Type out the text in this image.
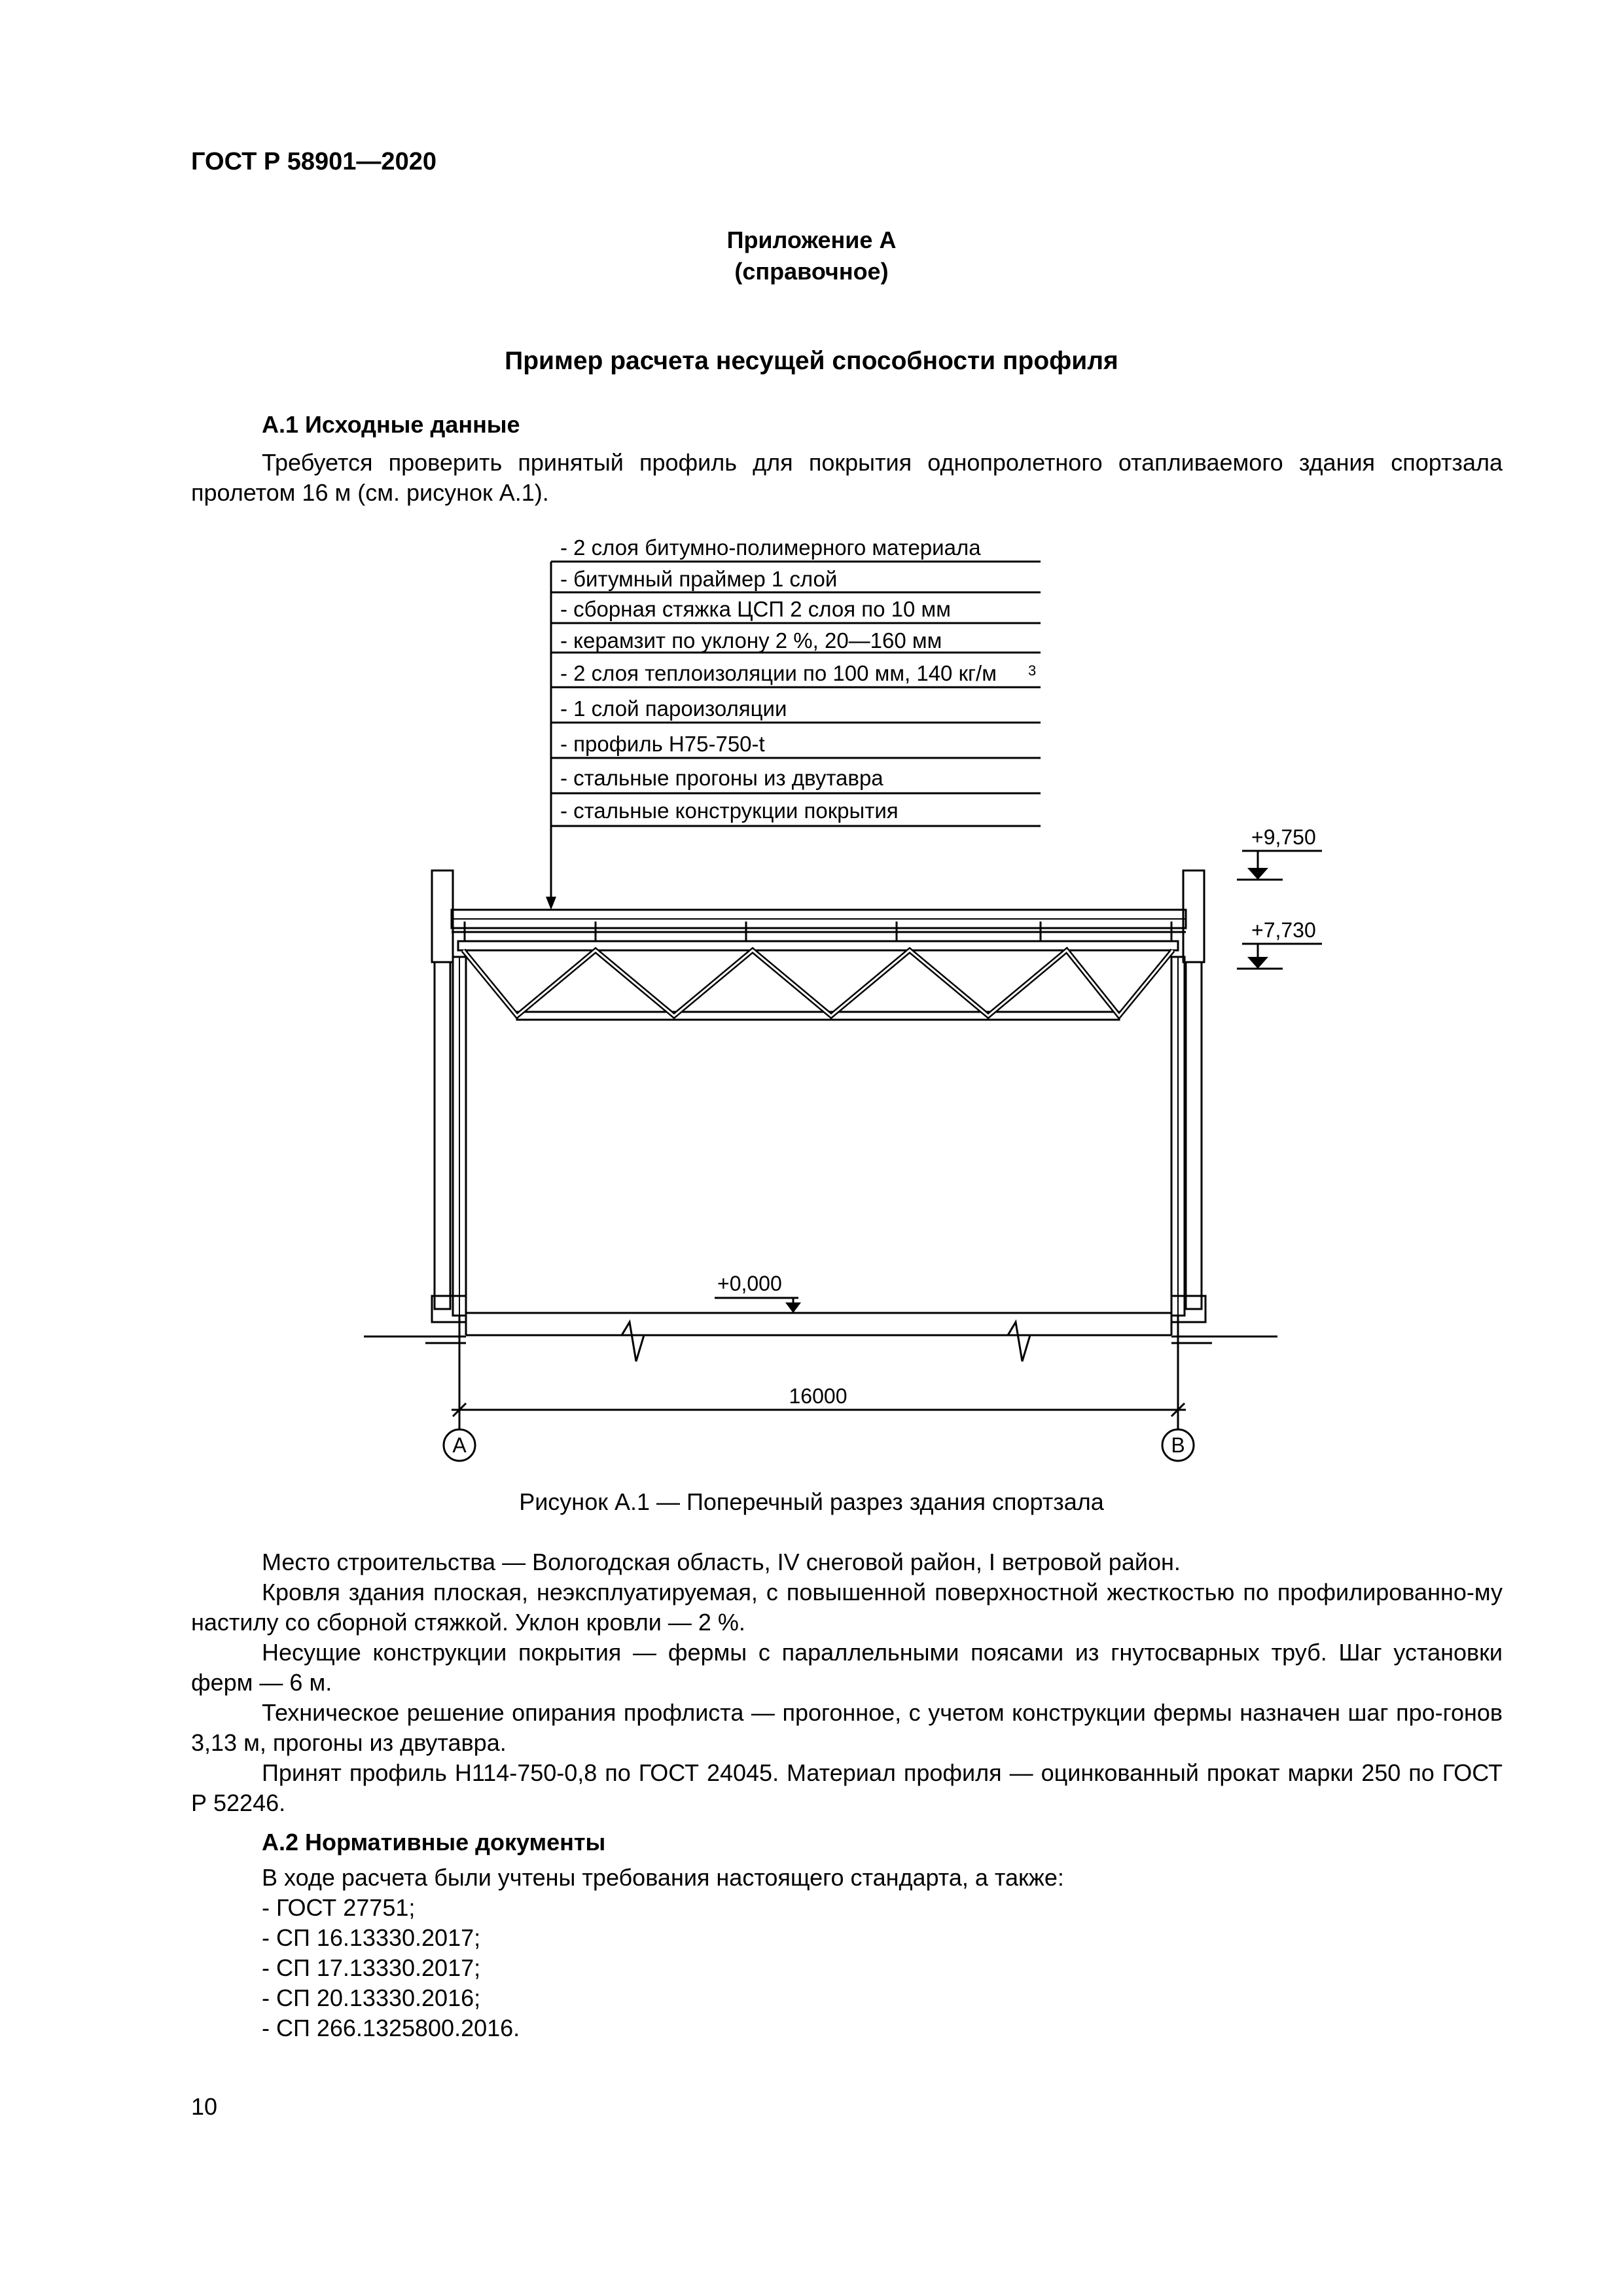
ГОСТ Р 58901—2020
Приложение А
(справочное)
Пример расчета несущей способности профиля
А.1 Исходные данные
Требуется проверить принятый профиль для покрытия однопролетного отапливаемого здания спортзала пролетом 16 м (см. рисунок А.1).
- 2 слоя битумно-полимерного материала
- битумный праймер 1 слой
- сборная стяжка ЦСП 2 слоя по 10 мм
- керамзит по уклону 2 %, 20—160 мм
- 2 слоя теплоизоляции по 100 мм, 140 кг/м 3
- 1 слой пароизоляции
- профиль Н75-750-t
- стальные прогоны из двутавра
- стальные конструкции покрытия
+9,750
+7,730
+0,000
16000
А	В
Рисунок А.1 — Поперечный разрез здания спортзала
Место строительства — Вологодская область, IV снеговой район, I ветровой район.
Кровля здания плоская, неэксплуатируемая, с повышенной поверхностной жесткостью по профилированно-му настилу со сборной стяжкой. Уклон кровли — 2 %.
Несущие конструкции покрытия — фермы с параллельными поясами из гнутосварных труб. Шаг установки ферм — 6 м.
Техническое решение опирания профлиста — прогонное, с учетом конструкции фермы назначен шаг про-гонов 3,13 м, прогоны из двутавра.
Принят профиль Н114-750-0,8 по ГОСТ 24045. Материал профиля — оцинкованный прокат марки 250 по ГОСТ Р 52246.
А.2 Нормативные документы
В ходе расчета были учтены требования настоящего стандарта, а также:
- ГОСТ 27751;
- СП 16.13330.2017;
- СП 17.13330.2017;
- СП 20.13330.2016;
- СП 266.1325800.2016.
10
